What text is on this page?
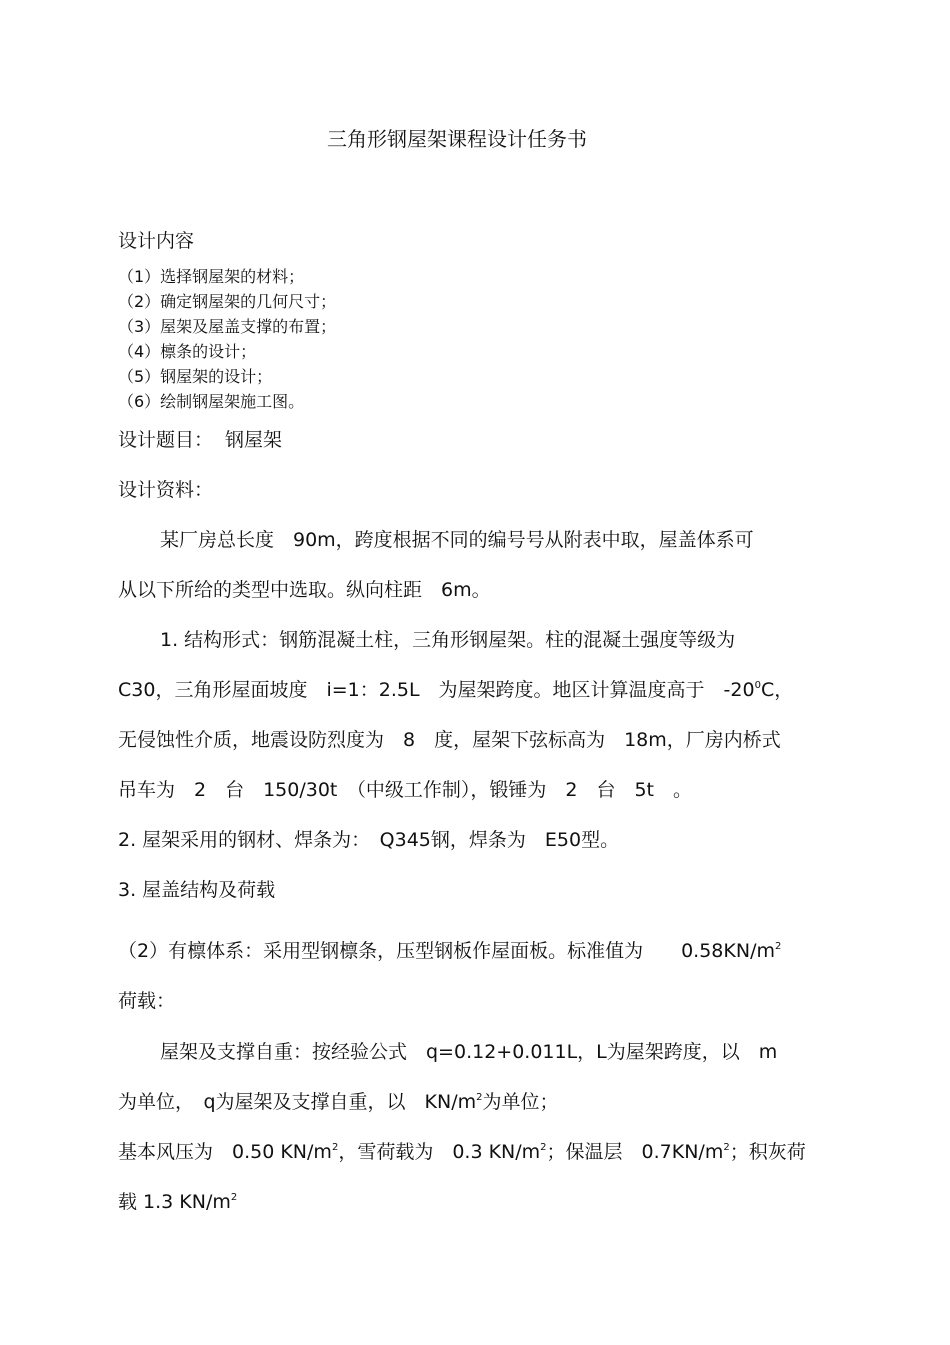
三角形钢屋架课程设计任务书
设计内容
（1）选择钢屋架的材料；
（2）确定钢屋架的几何尺寸；
（3）屋架及屋盖支撑的布置；
（4）檩条的设计；
（5）钢屋架的设计；
（6）绘制钢屋架施工图。
设计题目： 钢屋架
设计资料：
某厂房总长度　90m，跨度根据不同的编号号从附表中取，屋盖体系可
从以下所给的类型中选取。纵向柱距　6m。
1. 结构形式：钢筋混凝土柱，三角形钢屋架。柱的混凝土强度等级为
C30，三角形屋面坡度　i=1：2.5L　为屋架跨度。地区计算温度高于　$-20^0C$，
无侵蚀性介质，地震设防烈度为　8　度，屋架下弦标高为　18m，厂房内桥式
吊车为　2　台　150/30t　（中级工作制），锻锤为　2　台　5t　。
2. 屋架采用的钢材、焊条为：　Q345钢，焊条为　E50型。
3. 屋盖结构及荷载
（2）有檩体系：采用型钢檩条，压型钢板作屋面板。标准值为　　$0.58KN/m^2$
荷载：
屋架及支撑自重：按经验公式　q=0.12+0.011L，L为屋架跨度，以　m
为单位，　q为屋架及支撑自重，以　$KN/m^2$为单位；
基本风压为　0.50 $KN/m^2$，雪荷载为　0.3 $KN/m^2$；保温层　$0.7KN/m^2$；积灰荷
载 1.3 $KN/m^2$
